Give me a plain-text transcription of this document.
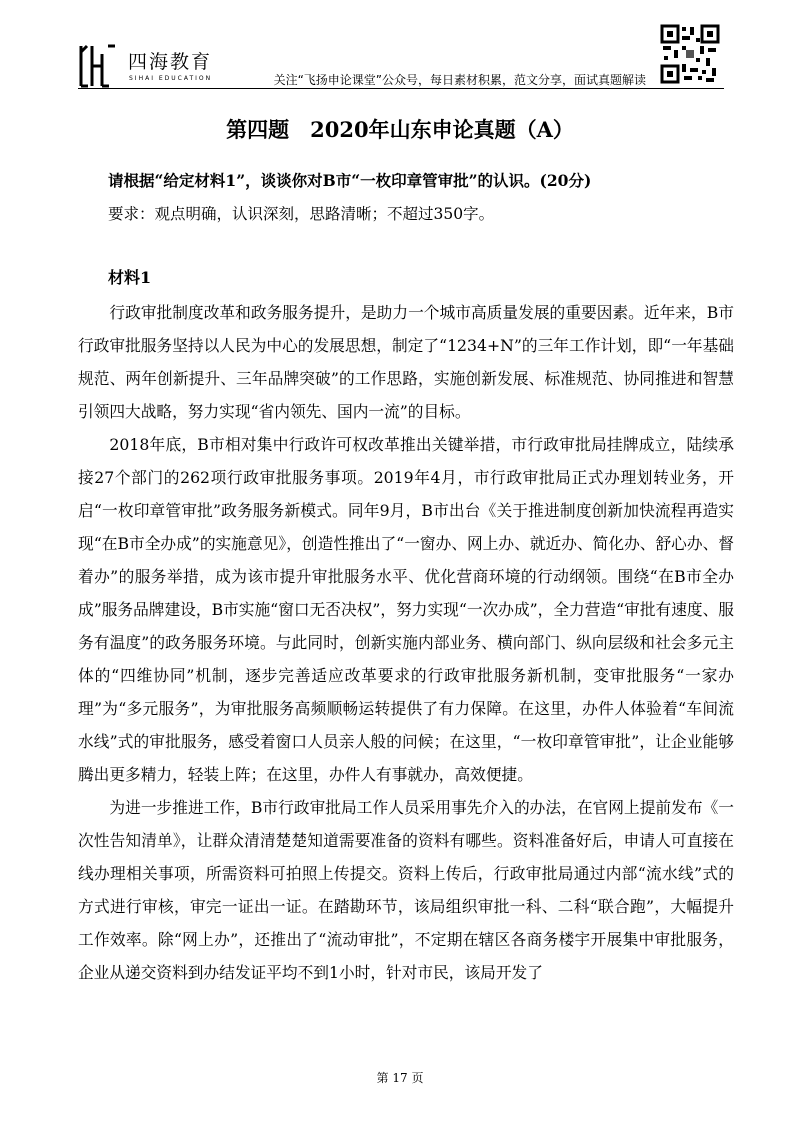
四海教育
SIHAI EDUCATION	关注“飞扬申论课堂”公众号，每日素材积累，范文分享，面试真题解读
第四题　2020年山东申论真题（A）
请根据“给定材料1”，谈谈你对B市“一枚印章管审批”的认识。(20分)
要求：观点明确，认识深刻，思路清晰；不超过350字。
材料1

行政审批制度改革和政务服务提升，是助力一个城市高质量发展的重要因素。近年来，B市行政审批服务坚持以人民为中心的发展思想，制定了“1234+N”的三年工作计划，即“一年基础规范、两年创新提升、三年品牌突破”的工作思路，实施创新发展、标准规范、协同推进和智慧引领四大战略，努力实现“省内领先、国内一流”的目标。

2018年底，B市相对集中行政许可权改革推出关键举措，市行政审批局挂牌成立，陆续承接27个部门的262项行政审批服务事项。2019年4月，市行政审批局正式办理划转业务，开启“一枚印章管审批”政务服务新模式。同年9月，B市出台《关于推进制度创新加快流程再造实现“在B市全办成”的实施意见》，创造性推出了“一窗办、网上办、就近办、简化办、舒心办、督着办”的服务举措，成为该市提升审批服务水平、优化营商环境的行动纲领。围绕“在B市全办成”服务品牌建设，B市实施“窗口无否决权”，努力实现“一次办成”，全力营造“审批有速度、服务有温度”的政务服务环境。与此同时，创新实施内部业务、横向部门、纵向层级和社会多元主体的“四维协同”机制，逐步完善适应改革要求的行政审批服务新机制，变审批服务“一家办理”为“多元服务”，为审批服务高频顺畅运转提供了有力保障。在这里，办件人体验着“车间流水线”式的审批服务，感受着窗口人员亲人般的问候；在这里，“一枚印章管审批”，让企业能够腾出更多精力，轻装上阵；在这里，办件人有事就办，高效便捷。

为进一步推进工作，B市行政审批局工作人员采用事先介入的办法，在官网上提前发布《一次性告知清单》，让群众清清楚楚知道需要准备的资料有哪些。资料准备好后，申请人可直接在线办理相关事项，所需资料可拍照上传提交。资料上传后，行政审批局通过内部“流水线”式的方式进行审核，审完一证出一证。在踏勘环节，该局组织审批一科、二科“联合跑”，大幅提升工作效率。除“网上办”，还推出了“流动审批”，不定期在辖区各商务楼宇开展集中审批服务，企业从递交资料到办结发证平均不到1小时，针对市民，该局开发了

第 17 页
